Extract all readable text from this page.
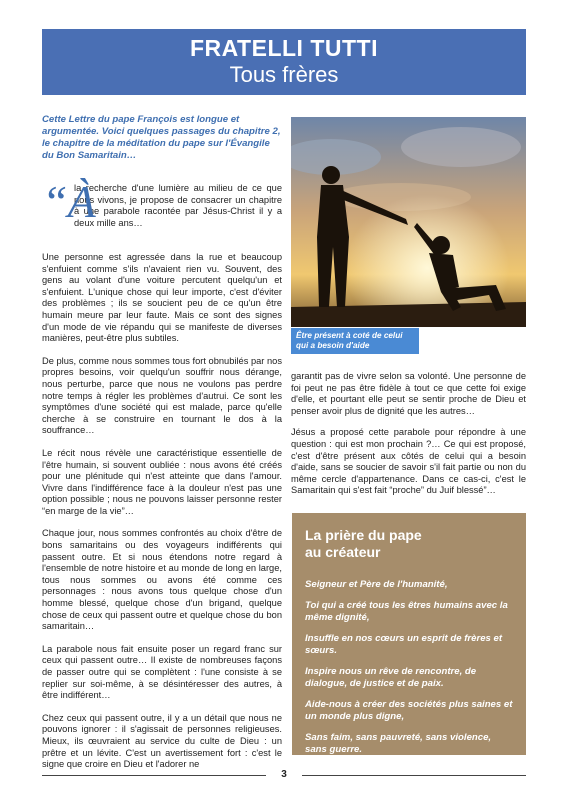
FRATELLI TUTTI
Tous frères
Cette Lettre du pape François est longue et argumentée. Voici quelques passages du chapitre 2, le chapitre de la méditation du pape sur l'Évangile du Bon Samaritain…
“À
la recherche d'une lumière au milieu de ce que nous vivons, je propose de consacrer un chapitre à une parabole racontée par Jésus-Christ il y a deux mille ans…

Une personne est agressée dans la rue et beaucoup s'enfuient comme s'ils n'avaient rien vu. Souvent, des gens au volant d'une voiture percutent quelqu'un et s'enfuient. L'unique chose qui leur importe, c'est d'éviter des problèmes ; ils se soucient peu de ce qu'un être humain meure par leur faute. Mais ce sont des signes d'un mode de vie répandu qui se manifeste de diverses manières, peut-être plus subtiles.

De plus, comme nous sommes tous fort obnubilés par nos propres besoins, voir quelqu'un souffrir nous dérange, nous perturbe, parce que nous ne voulons pas perdre notre temps à régler les problèmes d'autrui. Ce sont les symptômes d'une société qui est malade, parce qu'elle cherche à se construire en tournant le dos à la souffrance…

Le récit nous révèle une caractéristique essentielle de l'être humain, si souvent oubliée : nous avons été créés pour une plénitude qui n'est atteinte que dans l'amour. Vivre dans l'indifférence face à la douleur n'est pas une option possible ; nous ne pouvons laisser personne rester “en marge de la vie”…

Chaque jour, nous sommes confrontés au choix d'être de bons samaritains ou des voyageurs indifférents qui passent outre. Et si nous étendons notre regard à l'ensemble de notre histoire et au monde de long en large, tous nous sommes ou avons été comme ces personnages : nous avons tous quelque chose d'un homme blessé, quelque chose d'un brigand, quelque chose de ceux qui passent outre et quelque chose du bon samaritain…

La parabole nous fait ensuite poser un regard franc sur ceux qui passent outre… Il existe de nombreuses façons de passer outre qui se complètent : l'une consiste à se replier sur soi-même, à se désintéresser des autres, à être indifférent…

Chez ceux qui passent outre, il y a un détail que nous ne pouvons ignorer : il s'agissait de personnes religieuses. Mieux, ils œuvraient au service du culte de Dieu : un prêtre et un lévite. C'est un avertissement fort : c'est le signe que croire en Dieu et l'adorer ne

Être présent à coté de celui qui a besoin d'aide

garantit pas de vivre selon sa volonté. Une personne de foi peut ne pas être fidèle à tout ce que cette foi exige d'elle, et pourtant elle peut se sentir proche de Dieu et penser avoir plus de dignité que les autres…

Jésus a proposé cette parabole pour répondre à une question : qui est mon prochain ?… Ce qui est proposé, c'est d'être présent aux côtés de celui qui a besoin d'aide, sans se soucier de savoir s'il fait partie ou non du même cercle d'appartenance. Dans ce cas-ci, c'est le Samaritain qui s'est fait “proche” du Juif blessé”…

La prière du pape
au créateur
Seigneur et Père de l'humanité,
Toi qui a créé tous les êtres humains avec la même dignité,
Insuffle en nos cœurs un esprit de frères et sœurs.
Inspire nous un rêve de rencontre, de dialogue, de justice et de paix.
Aide-nous à créer des sociétés plus saines et un monde plus digne,
Sans faim, sans pauvreté, sans violence, sans guerre.
3
